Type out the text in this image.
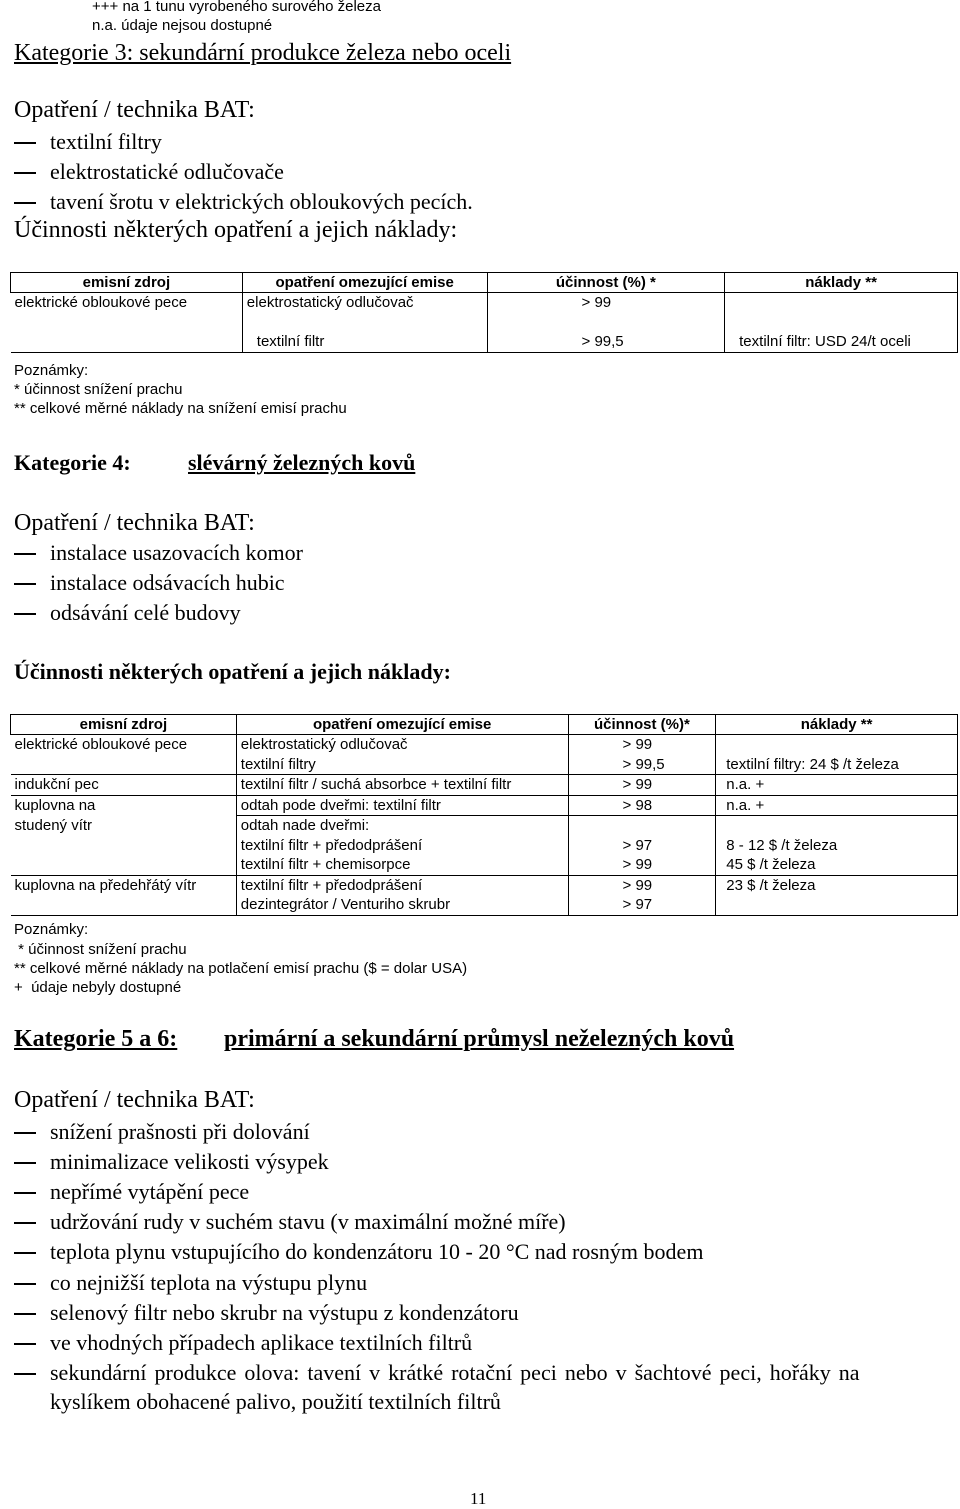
+++ na 1 tunu vyrobeného surového železa
n.a. údaje nejsou dostupné
Kategorie 3: sekundární produkce železa nebo oceli
Opatření / technika BAT:
textilní filtry
elektrostatické odlučovače
tavení šrotu v elektrických obloukových pecích.
Účinnosti některých opatření a jejich náklady:
emisní zdroj	opatření omezující emise	účinnost (%) *	náklady **
elektrické obloukové pece	elektrostatický odlučovač	> 99	
	textilní filtr	> 99,5	textilní filtr: USD 24/t oceli
Poznámky:
* účinnost snížení prachu
** celkové měrné náklady na snížení emisí prachu
Kategorie 4:	slévárný železných kovů
Opatření / technika BAT:
instalace usazovacích komor
instalace odsávacích hubic
odsávání celé budovy
Účinnosti některých opatření a jejich náklady:
emisní zdroj	opatření omezující emise	účinnost (%)*	náklady **
elektrické obloukové pece	elektrostatický odlučovač	> 99	
	textilní filtry	> 99,5	textilní filtry: 24 $ /t železa
indukční pec	textilní filtr / suchá absorbce + textilní filtr	> 99	n.a. +
kuplovna na	odtah pode dveřmi: textilní filtr	> 98	n.a. +
studený vítr	odtah nade dveřmi:		
	textilní filtr + předodprášení	> 97	8 - 12 $ /t železa
	textilní filtr + chemisorpce	> 99	45 $ /t železa
kuplovna na předehřátý vítr	textilní filtr + předodprášení	> 99	23 $ /t železa
	dezintegrátor / Venturiho skrubr	> 97	
Poznámky:
* účinnost snížení prachu
** celkové měrné náklady na potlačení emisí prachu ($ = dolar USA)
+  údaje nebyly dostupné
Kategorie 5 a 6: primární a sekundární průmysl neželezných kovů
Opatření / technika BAT:
snížení prašnosti při dolování
minimalizace velikosti výsypek
nepřímé vytápění pece
udržování rudy v suchém stavu (v maximální možné míře)
teplota plynu vstupujícího do kondenzátoru 10 - 20 °C nad rosným bodem
co nejnižší teplota na výstupu plynu
selenový filtr nebo skrubr na výstupu z kondenzátoru
ve vhodných případech aplikace textilních filtrů
sekundární produkce olova: tavení v krátké rotační peci nebo v šachtové peci, hořáky na
kyslíkem obohacené palivo, použití textilních filtrů
11
